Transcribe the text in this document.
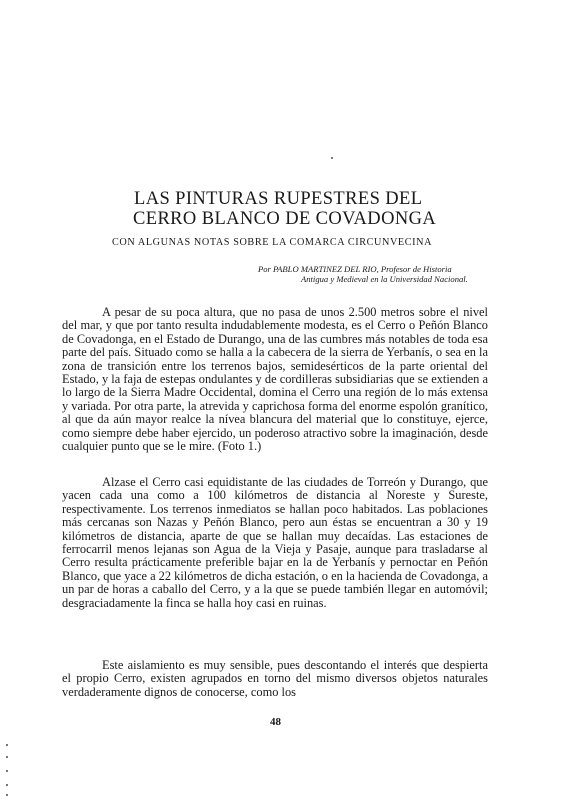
LAS PINTURAS RUPESTRES DEL
CERRO BLANCO DE COVADONGA
CON ALGUNAS NOTAS SOBRE LA COMARCA CIRCUNVECINA
Por PABLO MARTINEZ DEL RIO, Profesor de Historia
Antigua y Medieval en la Universidad Nacional.

A pesar de su poca altura, que no pasa de unos 2.500 metros sobre el nivel del mar, y que por tanto resulta indudablemente modesta, es el Cerro o Peñón Blanco de Covadonga, en el Estado de Durango, una de las cumbres más notables de toda esa parte del país. Situado como se halla a la cabecera de la sierra de Yerbanís, o sea en la zona de transición entre los terrenos bajos, semidesérticos de la parte oriental del Estado, y la faja de estepas ondulantes y de cordilleras subsidiarias que se extienden a lo largo de la Sierra Madre Occidental, domina el Cerro una región de lo más extensa y variada. Por otra parte, la atrevida y caprichosa forma del enorme espolón granítico, al que da aún mayor realce la nívea blancura del material que lo constituye, ejerce, como siempre debe haber ejercido, un poderoso atractivo sobre la imaginación, desde cualquier punto que se le mire. (Foto 1.)

Alzase el Cerro casi equidistante de las ciudades de Torreón y Durango, que yacen cada una como a 100 kilómetros de distancia al Noreste y Sureste, respectivamente. Los terrenos inmediatos se hallan poco habitados. Las poblaciones más cercanas son Nazas y Peñón Blanco, pero aun éstas se encuentran a 30 y 19 kilómetros de distancia, aparte de que se hallan muy decaídas. Las estaciones de ferrocarril menos lejanas son Agua de la Vieja y Pasaje, aunque para trasladarse al Cerro resulta prácticamente preferible bajar en la de Yerbanís y pernoctar en Peñón Blanco, que yace a 22 kilómetros de dicha estación, o en la hacienda de Covadonga, a un par de horas a caballo del Cerro, y a la que se puede también llegar en automóvil; desgraciadamente la finca se halla hoy casi en ruinas.

Este aislamiento es muy sensible, pues descontando el interés que despierta el propio Cerro, existen agrupados en torno del mismo diversos objetos naturales verdaderamente dignos de conocerse, como los

48
